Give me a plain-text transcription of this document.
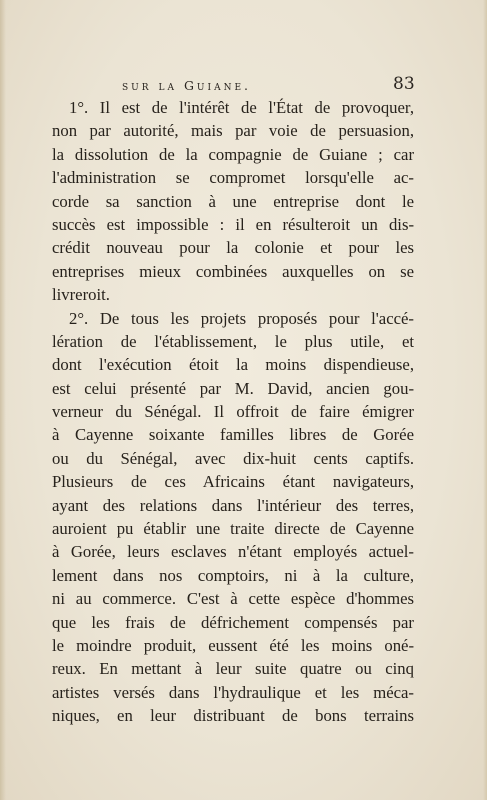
sur la Guiane.	83
1°. Il est de l'intérêt de l'État de provoquer,
non par autorité, mais par voie de persuasion,
la dissolution de la compagnie de Guiane ; car
l'administration se compromet lorsqu'elle ac-
corde sa sanction à une entreprise dont le
succès est impossible : il en résulteroit un dis-
crédit nouveau pour la colonie et pour les
entreprises mieux combinées auxquelles on se
livreroit.
2°. De tous les projets proposés pour l'accé-
lération de l'établissement, le plus utile, et
dont l'exécution étoit la moins dispendieuse,
est celui présenté par M. David, ancien gou-
verneur du Sénégal. Il offroit de faire émigrer
à Cayenne soixante familles libres de Gorée
ou du Sénégal, avec dix-huit cents captifs.
Plusieurs de ces Africains étant navigateurs,
ayant des relations dans l'intérieur des terres,
auroient pu établir une traite directe de Cayenne
à Gorée, leurs esclaves n'étant employés actuel-
lement dans nos comptoirs, ni à la culture,
ni au commerce. C'est à cette espèce d'hommes
que les frais de défrichement compensés par
le moindre produit, eussent été les moins oné-
reux. En mettant à leur suite quatre ou cinq
artistes versés dans l'hydraulique et les méca-
niques, en leur distribuant de bons terrains
